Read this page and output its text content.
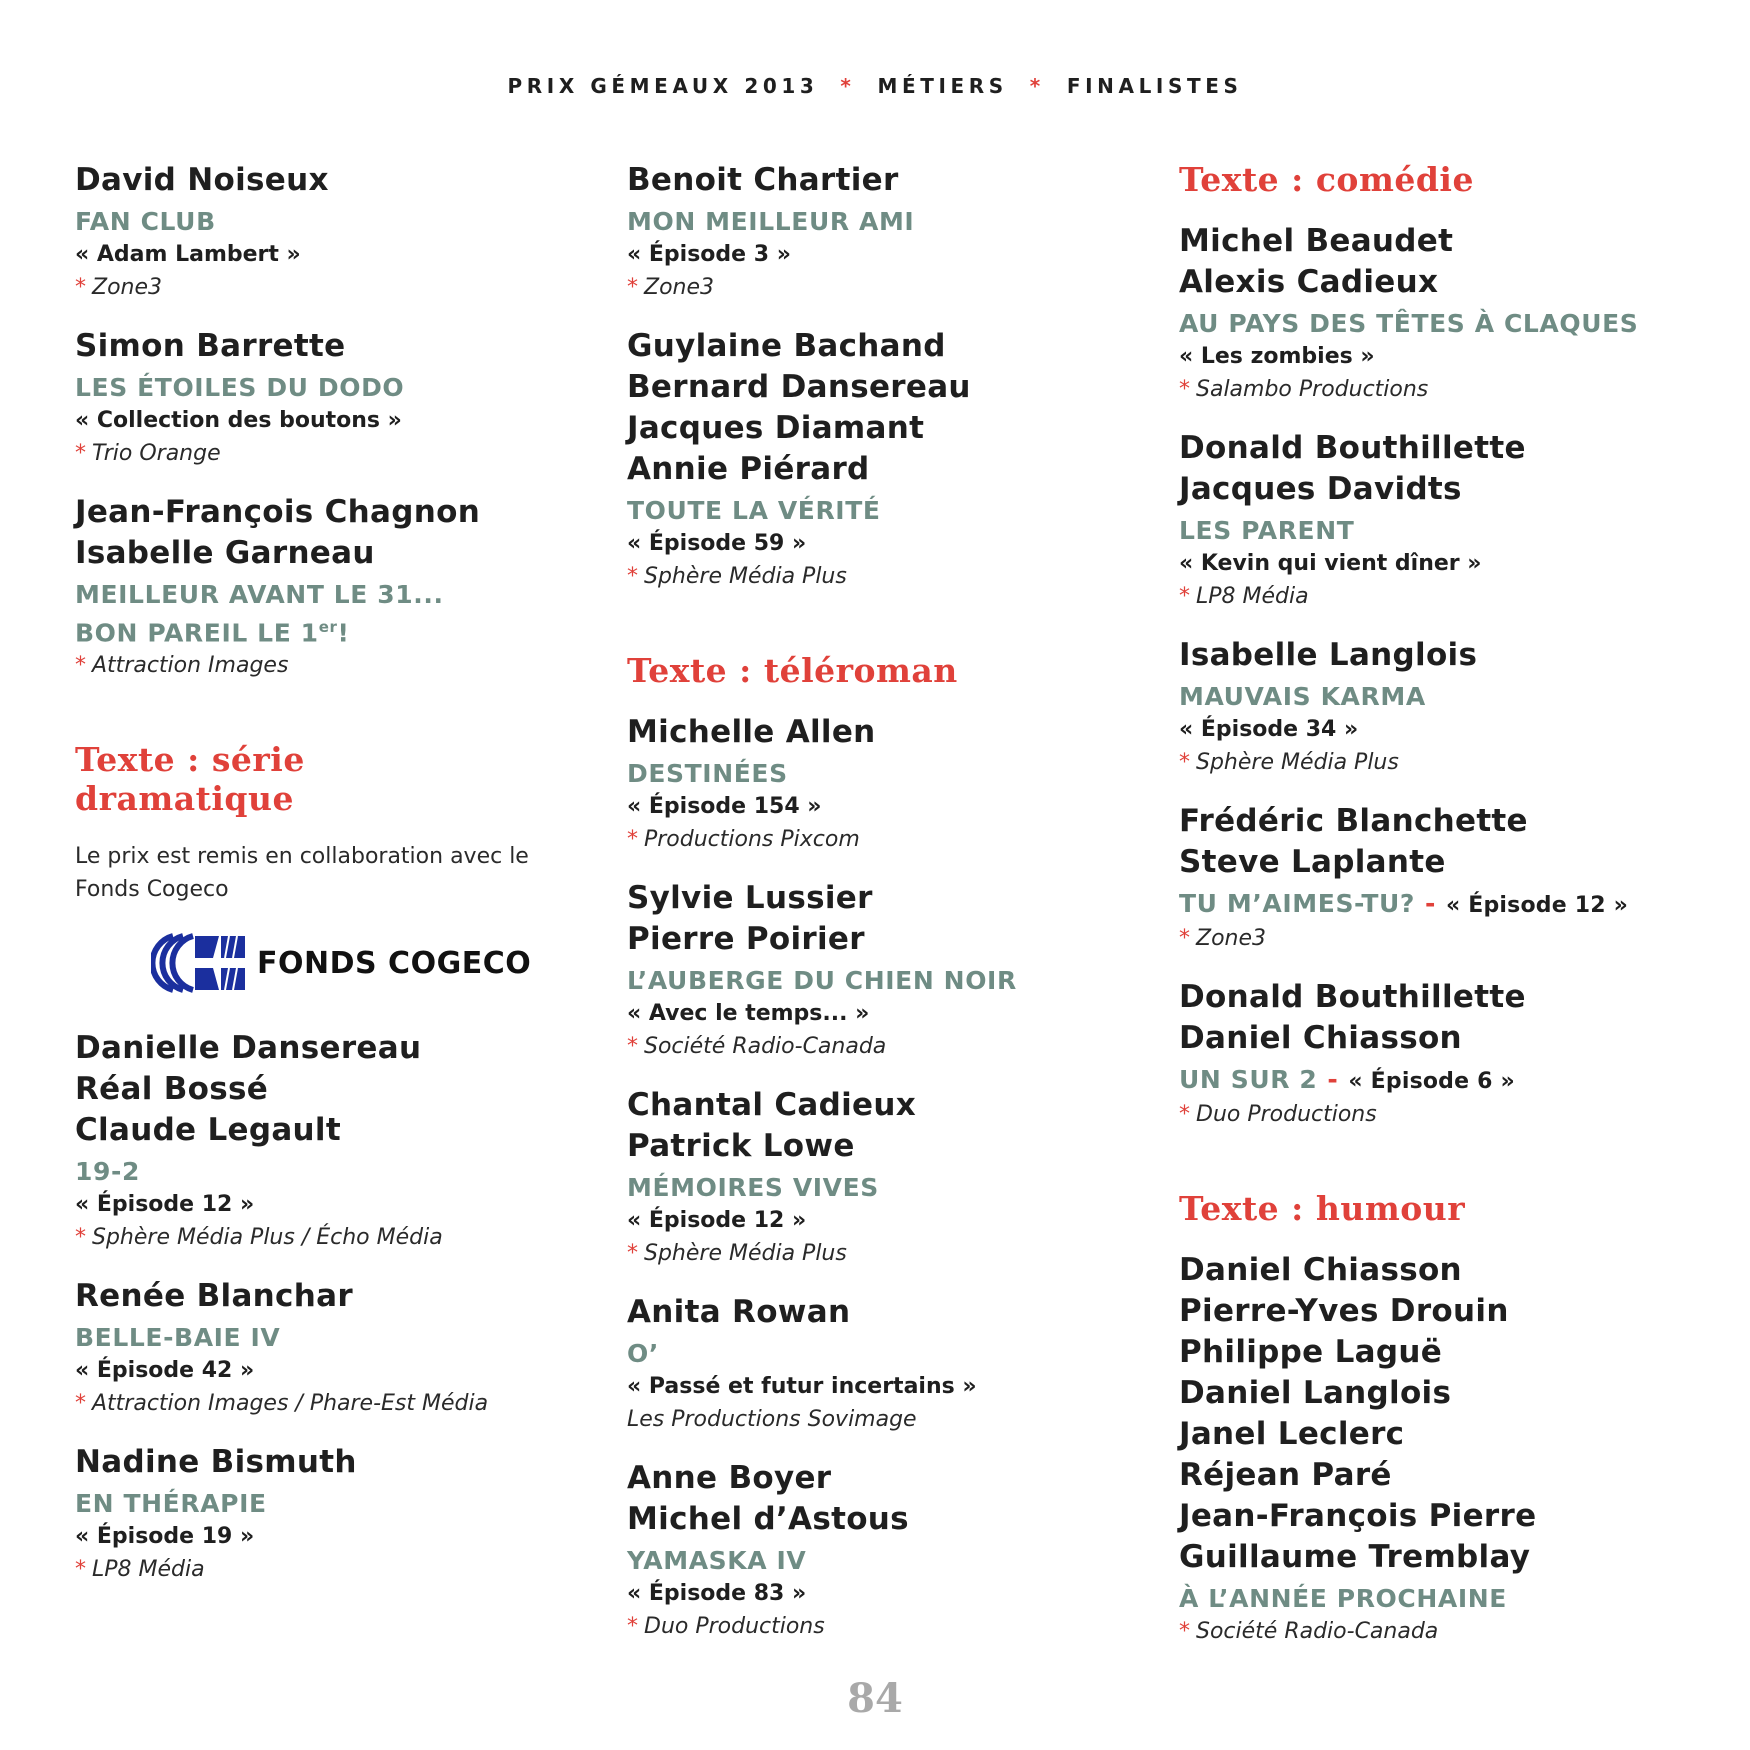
PRIX GÉMEAUX 2013 * MÉTIERS * FINALISTES
David Noiseux
FAN CLUB
« Adam Lambert »
* Zone3
Simon Barrette
LES ÉTOILES DU DODO
« Collection des boutons »
* Trio Orange
Jean-François Chagnon
Isabelle Garneau
MEILLEUR AVANT LE 31...
BON PAREIL LE 1er!
* Attraction Images
Texte : série
dramatique
Le prix est remis en collaboration avec le Fonds Cogeco
FONDS COGECO
Danielle Dansereau
Réal Bossé
Claude Legault
19-2
« Épisode 12 »
* Sphère Média Plus / Écho Média
Renée Blanchar
BELLE-BAIE IV
« Épisode 42 »
* Attraction Images / Phare-Est Média
Nadine Bismuth
EN THÉRAPIE
« Épisode 19 »
* LP8 Média
Benoit Chartier
MON MEILLEUR AMI
« Épisode 3 »
* Zone3
Guylaine Bachand
Bernard Dansereau
Jacques Diamant
Annie Piérard
TOUTE LA VÉRITÉ
« Épisode 59 »
* Sphère Média Plus
Texte : téléroman
Michelle Allen
DESTINÉES
« Épisode 154 »
* Productions Pixcom
Sylvie Lussier
Pierre Poirier
L’AUBERGE DU CHIEN NOIR
« Avec le temps... »
* Société Radio-Canada
Chantal Cadieux
Patrick Lowe
MÉMOIRES VIVES
« Épisode 12 »
* Sphère Média Plus
Anita Rowan
O’
« Passé et futur incertains »
Les Productions Sovimage
Anne Boyer
Michel d’Astous
YAMASKA IV
« Épisode 83 »
* Duo Productions
Texte : comédie
Michel Beaudet
Alexis Cadieux
AU PAYS DES TÊTES À CLAQUES
« Les zombies »
* Salambo Productions
Donald Bouthillette
Jacques Davidts
LES PARENT
« Kevin qui vient dîner »
* LP8 Média
Isabelle Langlois
MAUVAIS KARMA
« Épisode 34 »
* Sphère Média Plus
Frédéric Blanchette
Steve Laplante
TU M’AIMES-TU? - « Épisode 12 »
* Zone3
Donald Bouthillette
Daniel Chiasson
UN SUR 2 - « Épisode 6 »
* Duo Productions
Texte : humour
Daniel Chiasson
Pierre-Yves Drouin
Philippe Laguë
Daniel Langlois
Janel Leclerc
Réjean Paré
Jean-François Pierre
Guillaume Tremblay
À L’ANNÉE PROCHAINE
* Société Radio-Canada
84
